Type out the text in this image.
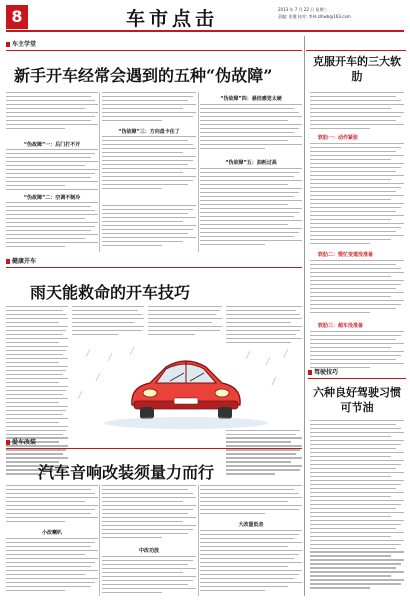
8	车市点击	2013 年 7 月 22 日 星期三
责编: 张键 校对: 李林 zlhwb@163.com
车主学堂
新手开车经常会遇到的五种“伪故障”
“伪故障”一：后门打不开
“伪故障”二：空调不制冷
“伪故障”三：方向盘卡住了
“伪故障”四：悬挂感觉太硬
“伪故障”五：油耗过高
健康开车
雨天能救命的开车技巧
爱车改装
汽车音响改装须量力而行
小改喇叭
中改功放
大改重低音
克服开车的三大软肋
软肋一：动作紧张
软肋二：慌忙变道没准备
软肋三：超车没准备
驾驶技巧
六种良好驾驶习惯可节油
